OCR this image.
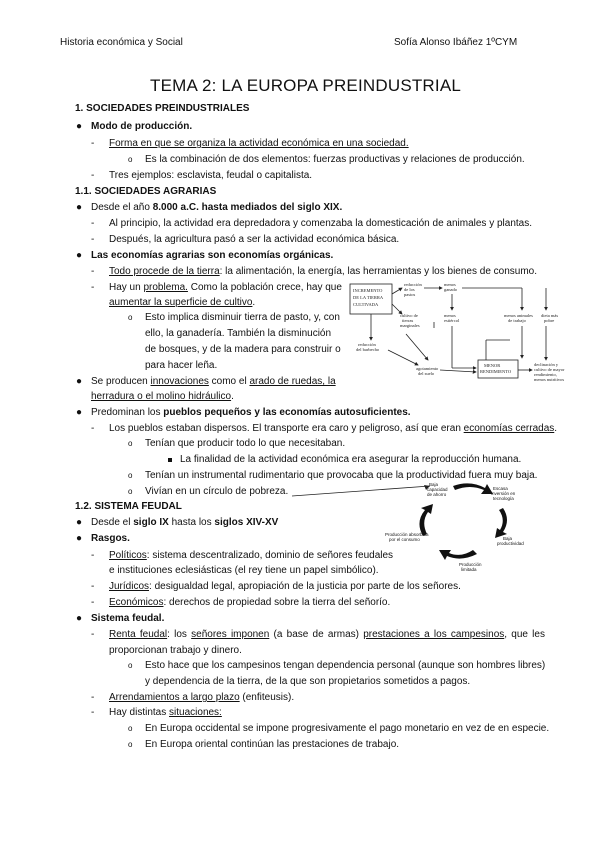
Historia económica y Social	Sofía Alonso Ibáñez 1ºCYM
TEMA 2: LA EUROPA PREINDUSTRIAL
1. SOCIEDADES PREINDUSTRIALES
● Modo de producción.
- Forma en que se organiza la actividad económica en una sociedad.
o Es la combinación de dos elementos: fuerzas productivas y relaciones de producción.
- Tres ejemplos: esclavista, feudal o capitalista.
1.1. SOCIEDADES AGRARIAS
● Desde el año 8.000 a.C. hasta mediados del siglo XIX.
- Al principio, la actividad era depredadora y comenzaba la domesticación de animales y plantas.
- Después, la agricultura pasó a ser la actividad económica básica.
● Las economías agrarias son economías orgánicas.
- Todo procede de la tierra: la alimentación, la energía, las herramientas y los bienes de consumo.
- Hay un problema. Como la población crece, hay que
aumentar la superficie de cultivo.
o Esto implica disminuir tierra de pasto, y, con
ello, la ganadería. También la disminución
de bosques, y de la madera para construir o
para hacer leña.
● Se producen innovaciones como el arado de ruedas, la
herradura o el molino hidráulico.
● Predominan los pueblos pequeños y las economías autosuficientes.
- Los pueblos estaban dispersos. El transporte era caro y peligroso, así que eran economías cerradas.
o Tenían que producir todo lo que necesitaban.
La finalidad de la actividad económica era asegurar la reproducción humana.
o Tenían un instrumental rudimentario que provocaba que la productividad fuera muy baja.
o Vivían en un círculo de pobreza.
1.2. SISTEMA FEUDAL
● Desde el siglo IX hasta los siglos XIV-XV
● Rasgos.
- Políticos: sistema descentralizado, dominio de señores feudales
e instituciones eclesiásticas (el rey tiene un papel simbólico).
- Jurídicos: desigualdad legal, apropiación de la justicia por parte de los señores.
- Económicos: derechos de propiedad sobre la tierra del señorío.
● Sistema feudal.
- Renta feudal: los señores imponen (a base de armas) prestaciones a los campesinos, que les
proporcionan trabajo y dinero.
o Esto hace que los campesinos tengan dependencia personal (aunque son hombres libres)
y dependencia de la tierra, de la que son propietarios sometidos a pagos.
- Arrendamientos a largo plazo (enfiteusis).
- Hay distintas situaciones:
o En Europa occidental se impone progresivamente el pago monetario en vez de en especie.
o En Europa oriental continúan las prestaciones de trabajo.
INCREMENTO
DE LA TIERRA
CULTIVADA
reducción
de los
pastos
menos
ganado
menos
estiércol
cultivo de
tierras
marginales
menos animales
de trabajo
dieta más
pobre
reducción
del barbecho
agotamiento
del suelo
MENOR
RENDIMIENTO
declinación y
cultivo de mayor
rendimiento,
menos nutritivos
Baja
capacidad
de ahorro
Escasa
inversión en
tecnología
Baja
productividad
Producción
limitada
Producción absorbida
por el consumo
